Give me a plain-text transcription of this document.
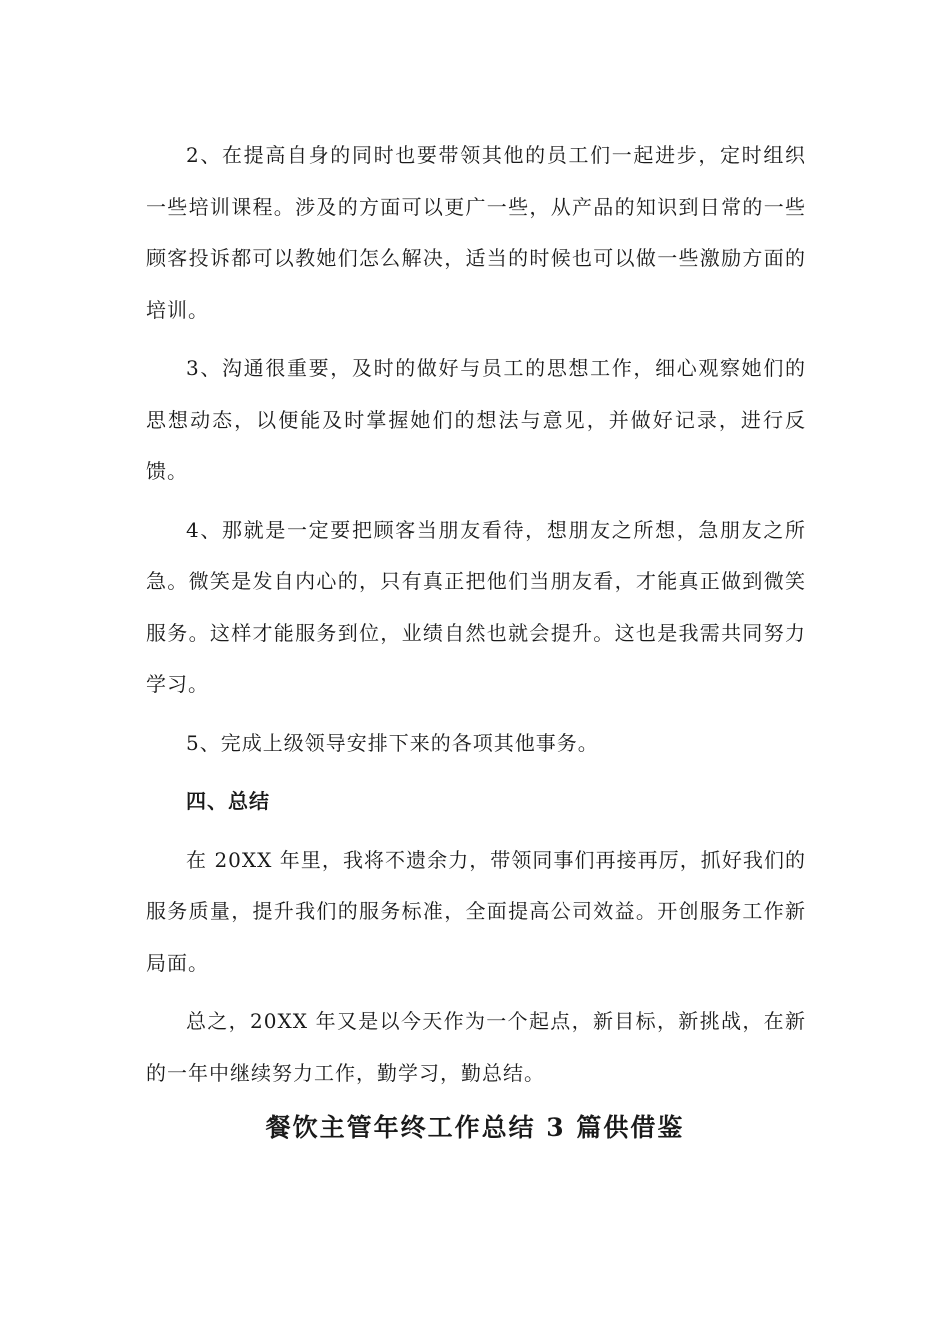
2、在提高自身的同时也要带领其他的员工们一起进步，定时组织一些培训课程。涉及的方面可以更广一些，从产品的知识到日常的一些顾客投诉都可以教她们怎么解决，适当的时候也可以做一些激励方面的培训。

3、沟通很重要，及时的做好与员工的思想工作，细心观察她们的思想动态，以便能及时掌握她们的想法与意见，并做好记录，进行反馈。

4、那就是一定要把顾客当朋友看待，想朋友之所想，急朋友之所急。微笑是发自内心的，只有真正把他们当朋友看，才能真正做到微笑服务。这样才能服务到位，业绩自然也就会提升。这也是我需共同努力学习。

5、完成上级领导安排下来的各项其他事务。

四、总结

在 20XX 年里，我将不遗余力，带领同事们再接再厉，抓好我们的服务质量，提升我们的服务标准，全面提高公司效益。开创服务工作新局面。

总之，20XX 年又是以今天作为一个起点，新目标，新挑战，在新的一年中继续努力工作，勤学习，勤总结。

餐饮主管年终工作总结 3 篇供借鉴
